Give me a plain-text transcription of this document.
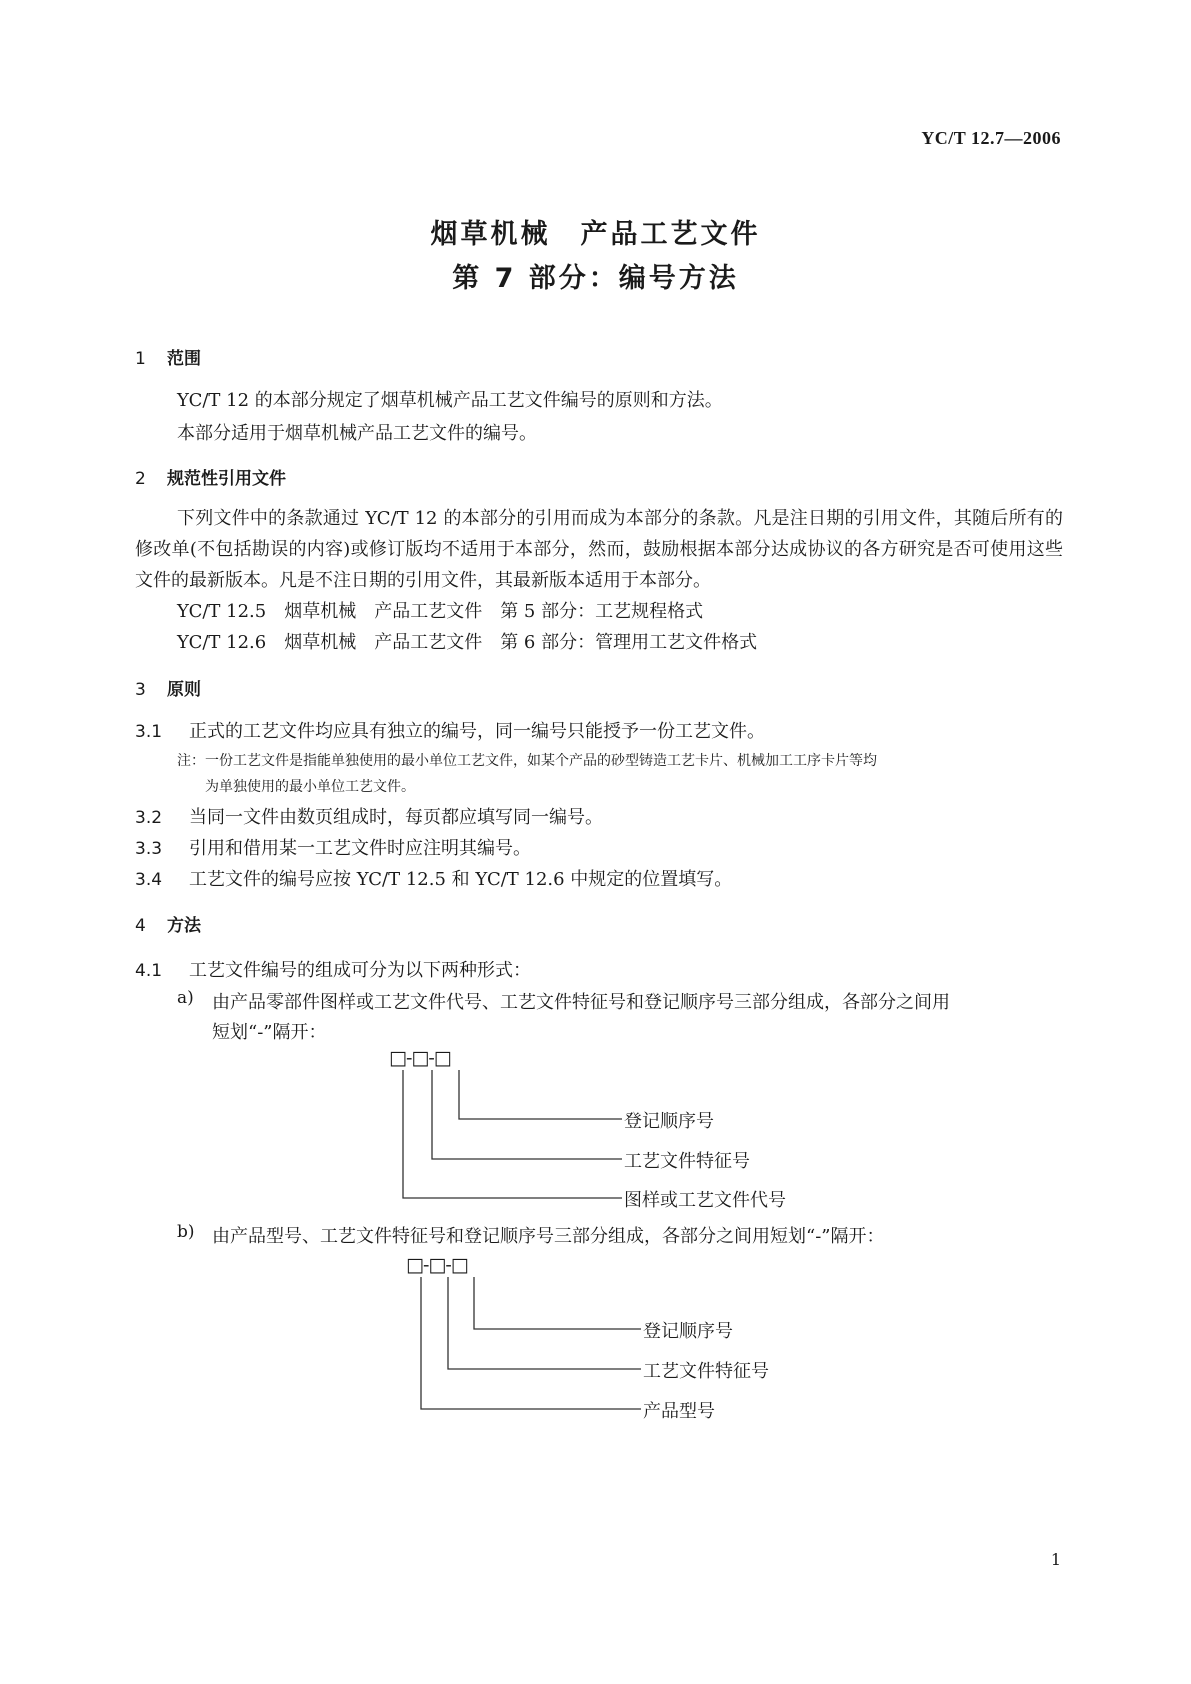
YC/T 12.7—2006
烟草机械　产品工艺文件
第 7 部分：编号方法
1 范围
YC/T 12 的本部分规定了烟草机械产品工艺文件编号的原则和方法。
本部分适用于烟草机械产品工艺文件的编号。
2 规范性引用文件
下列文件中的条款通过 YC/T 12 的本部分的引用而成为本部分的条款。凡是注日期的引用文件，其随后所有的修改单(不包括勘误的内容)或修订版均不适用于本部分，然而，鼓励根据本部分达成协议的各方研究是否可使用这些文件的最新版本。凡是不注日期的引用文件，其最新版本适用于本部分。
YC/T 12.5　烟草机械　产品工艺文件　第 5 部分：工艺规程格式
YC/T 12.6　烟草机械　产品工艺文件　第 6 部分：管理用工艺文件格式
3 原则
3.1 正式的工艺文件均应具有独立的编号，同一编号只能授予一份工艺文件。
注：一份工艺文件是指能单独使用的最小单位工艺文件，如某个产品的砂型铸造工艺卡片、机械加工工序卡片等均
为单独使用的最小单位工艺文件。
3.2 当同一文件由数页组成时，每页都应填写同一编号。
3.3 引用和借用某一工艺文件时应注明其编号。
3.4 工艺文件的编号应按 YC/T 12.5 和 YC/T 12.6 中规定的位置填写。
4 方法
4.1 工艺文件编号的组成可分为以下两种形式：
a) 由产品零部件图样或工艺文件代号、工艺文件特征号和登记顺序号三部分组成，各部分之间用
短划“-”隔开：
□-□-□
登记顺序号
工艺文件特征号
图样或工艺文件代号
b) 由产品型号、工艺文件特征号和登记顺序号三部分组成，各部分之间用短划“-”隔开：
□-□-□
登记顺序号
工艺文件特征号
产品型号
1
